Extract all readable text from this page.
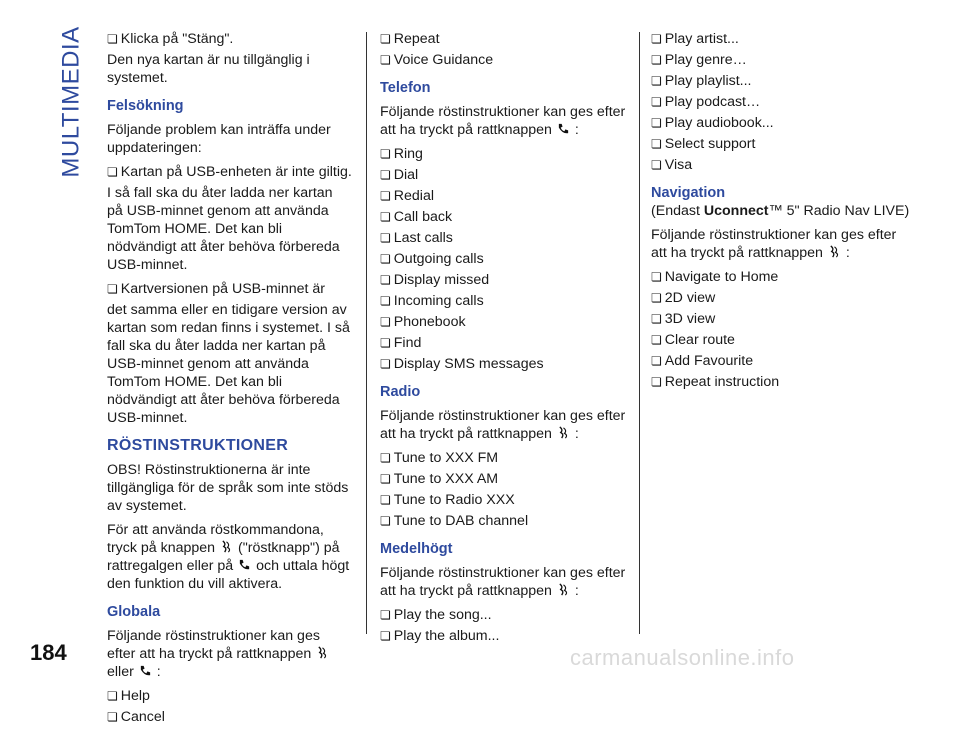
MULTIMEDIA
❏	Klicka på "Stäng".

Den nya kartan är nu tillgänglig i systemet.

Felsökning

Följande problem kan inträffa under uppdateringen:

❏ Kartan på USB-enheten är inte giltig.

I så fall ska du åter ladda ner kartan på USB-minnet genom att använda TomTom HOME. Det kan bli nödvändigt att åter behöva förbereda USB-minnet.

❏ Kartversionen på USB-minnet är

det samma eller en tidigare version av kartan som redan finns i systemet. I så fall ska du åter ladda ner kartan på USB-minnet genom att använda TomTom HOME. Det kan bli nödvändigt att åter behöva förbereda USB-minnet.

RÖSTINSTRUKTIONER

OBS! Röstinstruktionerna är inte tillgängliga för de språk som inte stöds av systemet.

För att använda röstkommandona, tryck på knappen ("röstknapp") på rattregalgen eller på och uttala högt den funktion du vill aktivera.

Globala

Följande röstinstruktioner kan ges efter att ha tryckt på rattknappen  eller :

❏ Help
❏ Cancel
❏ Repeat
❏ Voice Guidance
Telefon

Följande röstinstruktioner kan ges efter att ha tryckt på rattknappen :

❏ Ring
❏ Dial
❏ Redial
❏ Call back
❏ Last calls
❏ Outgoing calls
❏ Display missed
❏ Incoming calls
❏ Phonebook
❏ Find
❏ Display SMS messages
Radio

Följande röstinstruktioner kan ges efter att ha tryckt på rattknappen :

❏ Tune to XXX FM
❏ Tune to XXX AM
❏ Tune to Radio XXX
❏ Tune to DAB channel
Medelhögt

Följande röstinstruktioner kan ges efter att ha tryckt på rattknappen :

❏ Play the song...
❏ Play the album...
❏ Play artist...
❏ Play genre…
❏ Play playlist...
❏ Play podcast…
❏ Play audiobook...
❏ Select support
❏ Visa
Navigation

(Endast Uconnect™ 5" Radio Nav LIVE)

Följande röstinstruktioner kan ges efter att ha tryckt på rattknappen :

❏ Navigate to Home
❏ 2D view
❏ 3D view
❏ Clear route
❏ Add Favourite
❏ Repeat instruction
184	carmanualsonline.info
